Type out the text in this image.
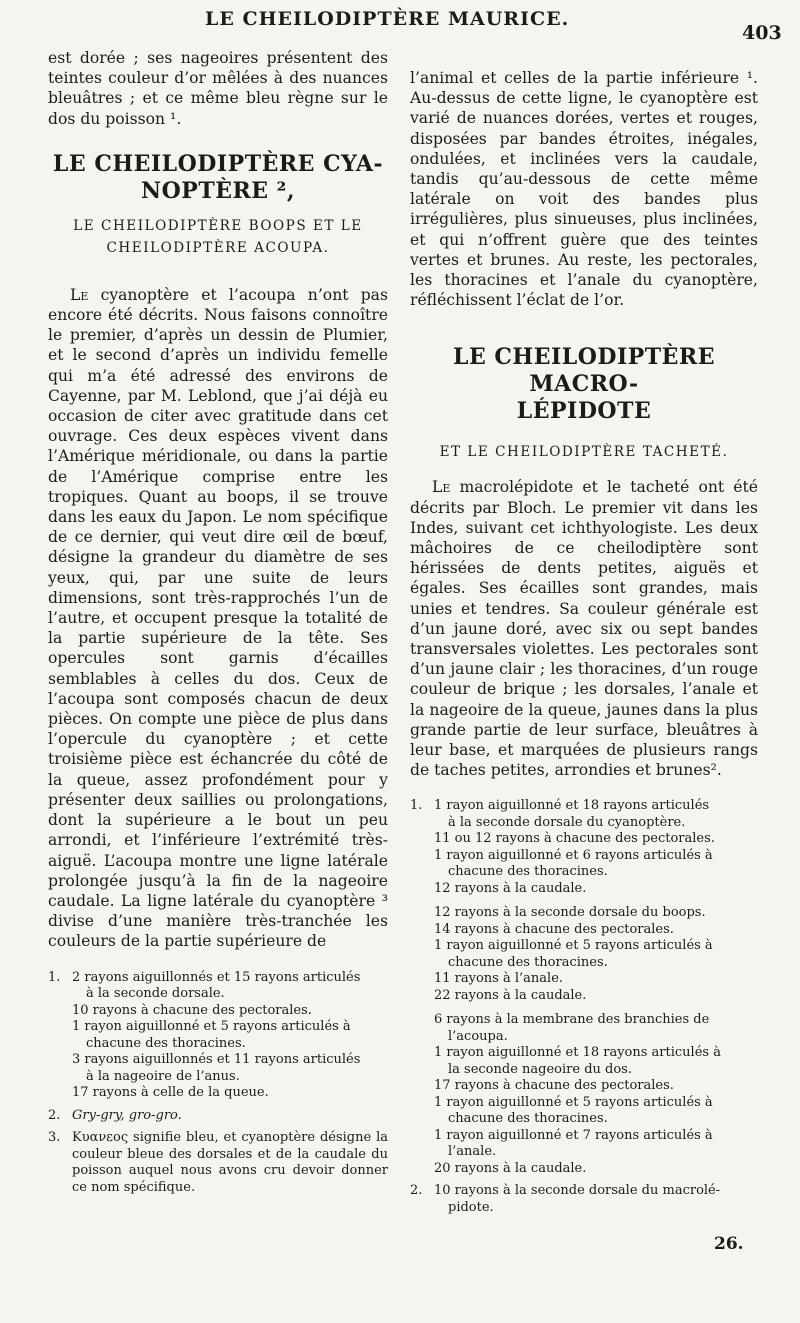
LE CHEILODIPTÈRE MAURICE.
403

est dorée ; ses nageoires présentent des teintes couleur d’or mêlées à des nuances bleuâtres ; et ce même bleu règne sur le dos du poisson ¹.

LE CHEILODIPTÈRE CYA-
NOPTÈRE ²,
LE CHEILODIPTÈRE BOOPS ET LE
CHEILODIPTÈRE ACOUPA.

Le cyanoptère et l’acoupa n’ont pas encore été décrits. Nous faisons connoître le premier, d’après un dessin de Plumier, et le second d’après un individu femelle qui m’a été adressé des environs de Cayenne, par M. Leblond, que j’ai déjà eu occasion de citer avec gratitude dans cet ouvrage. Ces deux espèces vivent dans l’Amérique méridionale, ou dans la partie de l’Amérique comprise entre les tropiques. Quant au boops, il se trouve dans les eaux du Japon. Le nom spécifique de ce dernier, qui veut dire œil de bœuf, désigne la grandeur du diamètre de ses yeux, qui, par une suite de leurs dimensions, sont très-rapprochés l’un de l’autre, et occupent presque la totalité de la partie supérieure de la tête. Ses opercules sont garnis d’écailles semblables à celles du dos. Ceux de l’acoupa sont composés chacun de deux pièces. On compte une pièce de plus dans l’opercule du cyanoptère ; et cette troisième pièce est échancrée du côté de la queue, assez profondément pour y présenter deux saillies ou prolongations, dont la supérieure a le bout un peu arrondi, et l’inférieure l’extrémité très-aiguë. L’acoupa montre une ligne latérale prolongée jusqu’à la fin de la nageoire caudale. La ligne latérale du cyanoptère ³ divise d’une manière très-tranchée les couleurs de la partie supérieure de

1. 2 rayons aiguillonnés et 15 rayons articulés
à la seconde dorsale.
10 rayons à chacune des pectorales.
1 rayon aiguillonné et 5 rayons articulés à
chacune des thoracines.
3 rayons aiguillonnés et 11 rayons articulés
à la nageoire de l’anus.
17 rayons à celle de la queue.
2. Gry-gry, gro-gro.
3. Κυανεος signifie bleu, et cyanoptère désigne la couleur bleue des dorsales et de la caudale du poisson auquel nous avons cru devoir donner ce nom spécifique.

l’animal et celles de la partie inférieure ¹. Au-dessus de cette ligne, le cyanoptère est varié de nuances dorées, vertes et rouges, disposées par bandes étroites, inégales, ondulées, et inclinées vers la caudale, tandis qu’au-dessous de cette même latérale on voit des bandes plus irrégulières, plus sinueuses, plus inclinées, et qui n’offrent guère que des teintes vertes et brunes. Au reste, les pectorales, les thoracines et l’anale du cyanoptère, réfléchissent l’éclat de l’or.

LE CHEILODIPTÈRE MACRO-
LÉPIDOTE
ET LE CHEILODIPTÈRE TACHETÉ.

Le macrolépidote et le tacheté ont été décrits par Bloch. Le premier vit dans les Indes, suivant cet ichthyologiste. Les deux mâchoires de ce cheilodiptère sont hérissées de dents petites, aiguës et égales. Ses écailles sont grandes, mais unies et tendres. Sa couleur générale est d’un jaune doré, avec six ou sept bandes transversales violettes. Les pectorales sont d’un jaune clair ; les thoracines, d’un rouge couleur de brique ; les dorsales, l’anale et la nageoire de la queue, jaunes dans la plus grande partie de leur surface, bleuâtres à leur base, et marquées de plusieurs rangs de taches petites, arrondies et brunes².

1. 1 rayon aiguillonné et 18 rayons articulés
à la seconde dorsale du cyanoptère.
11 ou 12 rayons à chacune des pectorales.
1 rayon aiguillonné et 6 rayons articulés à
chacune des thoracines.
12 rayons à la caudale.
12 rayons à la seconde dorsale du boops.
14 rayons à chacune des pectorales.
1 rayon aiguillonné et 5 rayons articulés à
chacune des thoracines.
11 rayons à l’anale.
22 rayons à la caudale.
6 rayons à la membrane des branchies de
l’acoupa.
1 rayon aiguillonné et 18 rayons articulés à
la seconde nageoire du dos.
17 rayons à chacune des pectorales.
1 rayon aiguillonné et 5 rayons articulés à
chacune des thoracines.
1 rayon aiguillonné et 7 rayons articulés à
l’anale.
20 rayons à la caudale.
2. 10 rayons à la seconde dorsale du macrolé-
pidote.
26.
